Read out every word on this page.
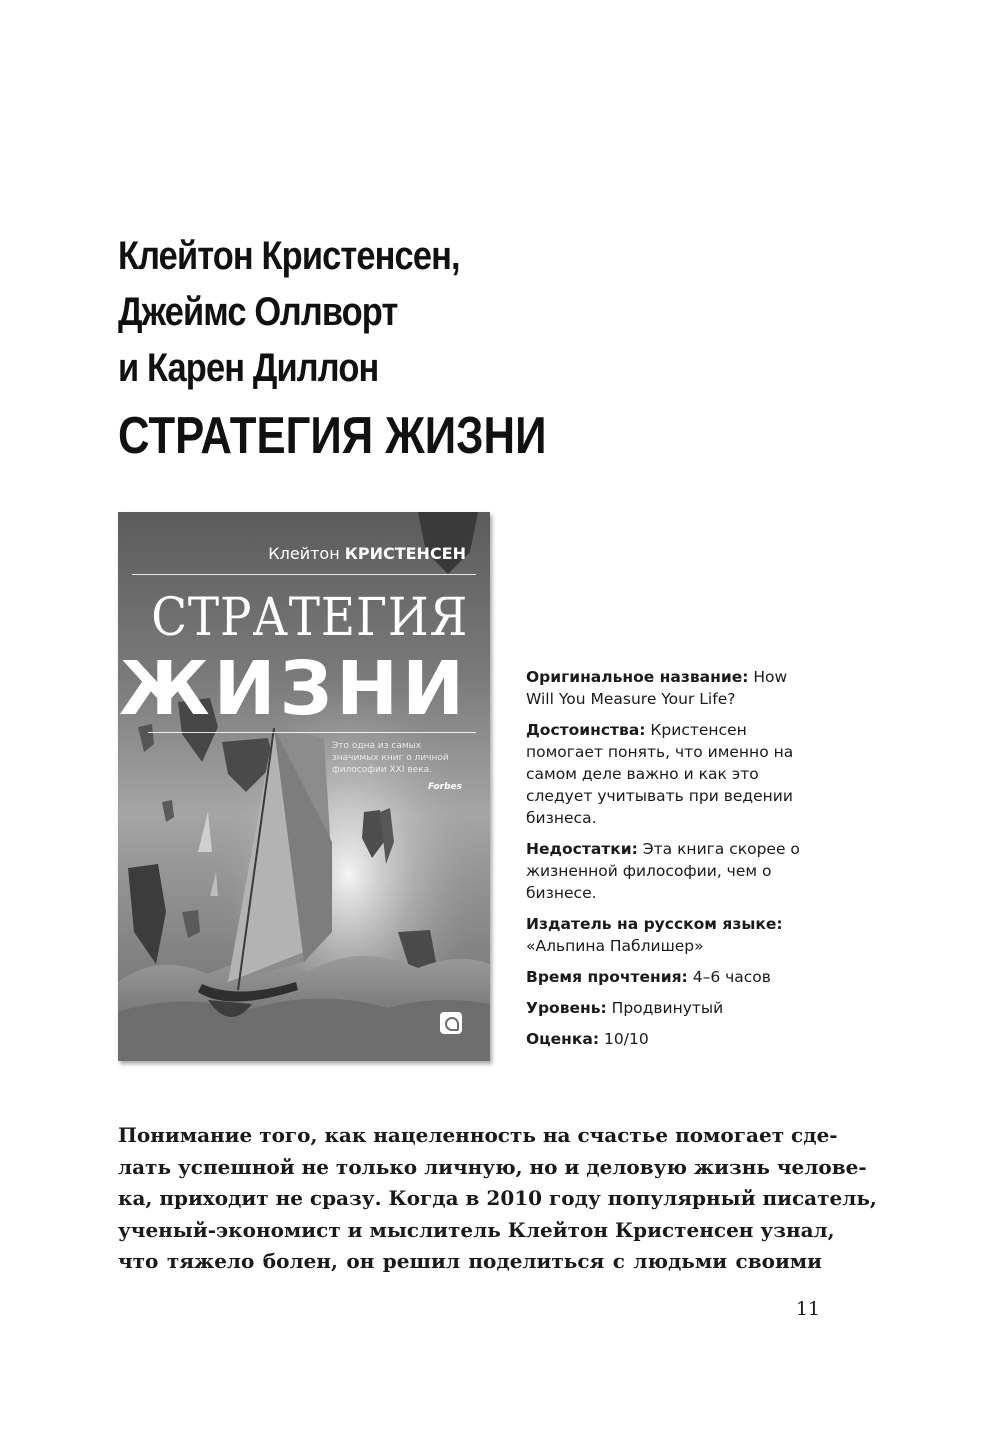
Клейтон Кристенсен,
Джеймс Оллворт
и Карен Диллон
СТРАТЕГИЯ ЖИЗНИ
Клейтон КРИСТЕНСЕН
СТРАТЕГИЯ
ЖИЗНИ
Это одна из самых значимых книг о личной философии XXI века.
Forbes

Оригинальное название: How Will You Measure Your Life?

Достоинства: Кристенсен помогает понять, что именно на самом деле важно и как это следует учитывать при ведении бизнеса.

Недостатки: Эта книга скорее о жизненной философии, чем о бизнесе.

Издатель на русском языке: «Альпина Паблишер»

Время прочтения: 4–6 часов

Уровень: Продвинутый

Оценка: 10/10

Понимание того, как нацеленность на счастье помогает сде-
лать успешной не только личную, но и деловую жизнь челове-
ка, приходит не сразу. Когда в 2010 году популярный писатель,
ученый-экономист и мыслитель Клейтон Кристенсен узнал,
что тяжело болен, он решил поделиться с людьми своими
11
